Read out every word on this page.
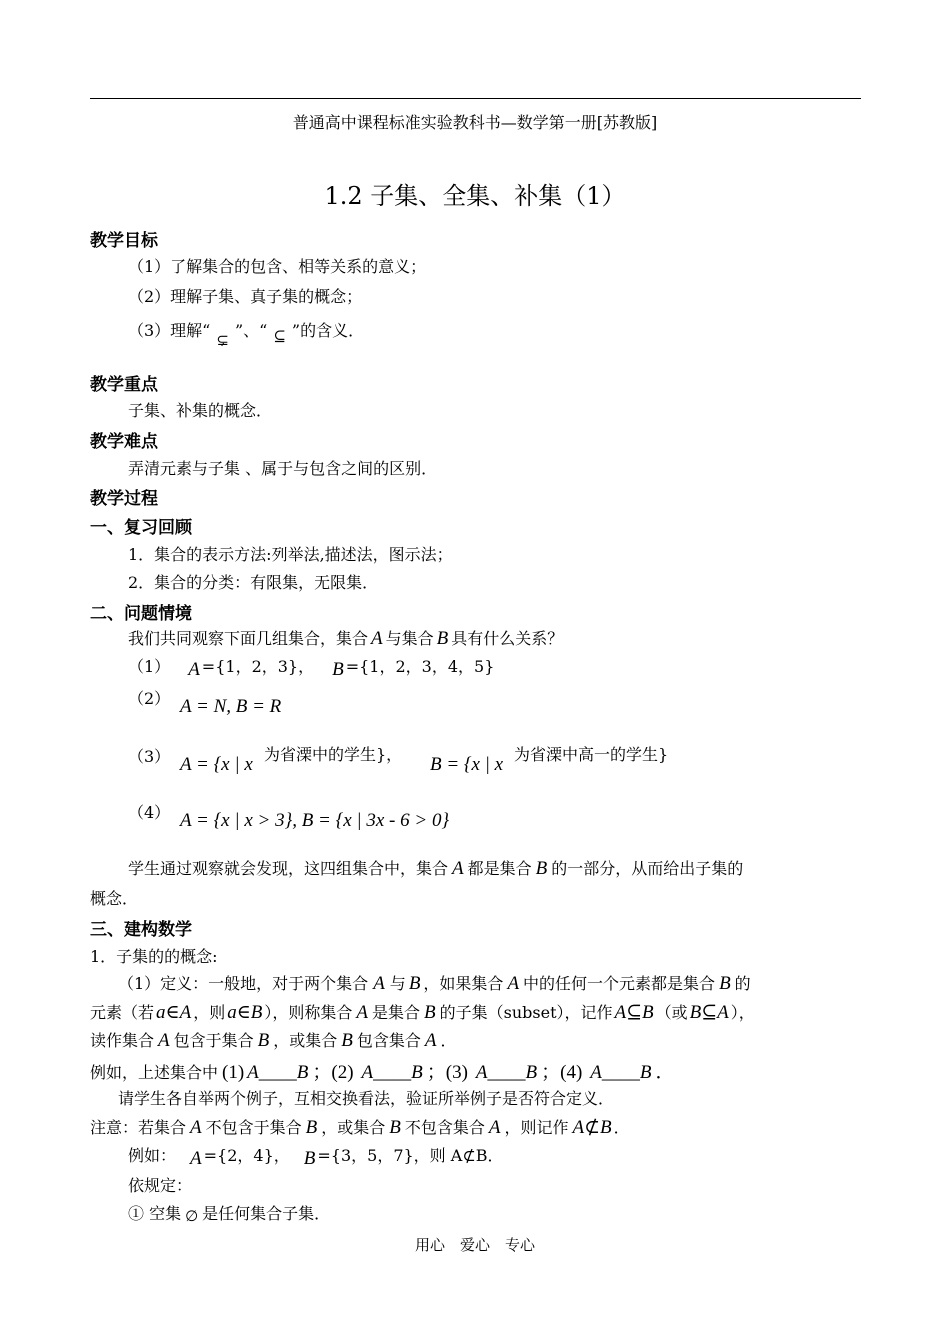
普通高中课程标准实验教科书—数学第一册[苏教版]
1.2 子集、全集、补集（1）
教学目标
（1）了解集合的包含、相等关系的意义；
（2）理解子集、真子集的概念；
（3）理解“ ⊊ ”、“ ⊆ ”的含义．
教学重点
子集、补集的概念．
教学难点
弄清元素与子集 、属于与包含之间的区别．
教学过程
一、复习回顾
1．集合的表示方法:列举法,描述法，图示法；
2．集合的分类：有限集，无限集．
二、问题情境
我们共同观察下面几组集合，集合 A 与集合 B 具有什么关系？
（1） A ={1，2，3}， B ={1，2，3，4，5}
（2） A = N, B = R
（3） A = {x | x 为省溧中的学生}， B = {x | x 为省溧中高一的学生}
（4） A = {x | x > 3}, B = {x | 3x - 6 > 0}
学生通过观察就会发现，这四组集合中，集合 A 都是集合 B 的一部分，从而给出子集的
概念．
三、建构数学
1．子集的的概念:
（1）定义：一般地，对于两个集合 A 与 B ，如果集合 A 中的任何一个元素都是集合 B 的
元素（若 a∈A ，则 a∈B ），则称集合 A 是集合 B 的子集（subset），记作 A⊆B （或 B⊆A ），
读作集合 A 包含于集合 B ，或集合 B 包含集合 A ．
例如，上述集合中 (1) A____B ；(2) A____B ；(3) A____B ；(4) A____B ．
请学生各自举两个例子，互相交换看法，验证所举例子是否符合定义．
注意：若集合 A 不包含于集合 B ，或集合 B 不包含集合 A ，则记作 A⊄B ．
例如： A ={2，4}， B ={3，5，7}，则 A⊄B．
依规定：
① 空集 ∅ 是任何集合子集．
用心　爱心　专心
